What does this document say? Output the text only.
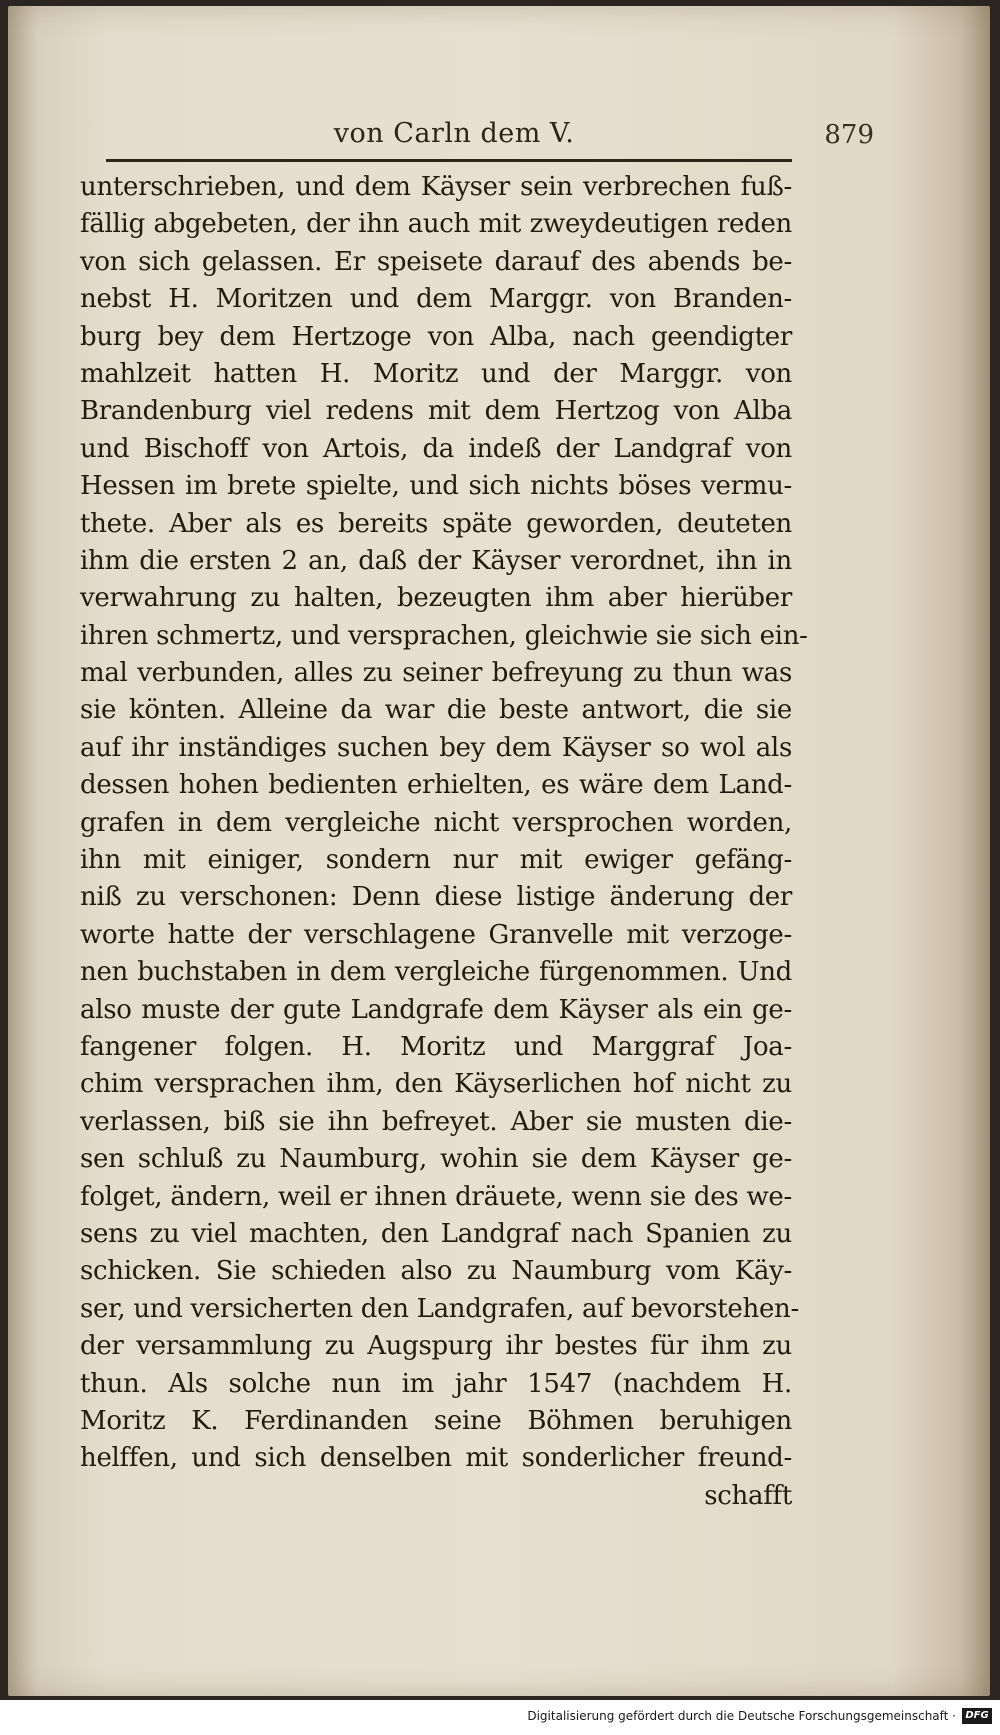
von Carln dem V.	879
unterschrieben, und dem Käyser sein verbrechen fuß-
fällig abgebeten, der ihn auch mit zweydeutigen reden
von sich gelassen. Er speisete darauf des abends be-
nebst H. Moritzen und dem Marggr. von Branden-
burg bey dem Hertzoge von Alba, nach geendigter
mahlzeit hatten H. Moritz und der Marggr. von
Brandenburg viel redens mit dem Hertzog von Alba
und Bischoff von Artois, da indeß der Landgraf von
Hessen im brete spielte, und sich nichts böses vermu-
thete. Aber als es bereits späte geworden, deuteten
ihm die ersten 2 an, daß der Käyser verordnet, ihn in
verwahrung zu halten, bezeugten ihm aber hierüber
ihren schmertz, und versprachen, gleichwie sie sich ein-
mal verbunden, alles zu seiner befreyung zu thun was
sie könten. Alleine da war die beste antwort, die sie
auf ihr inständiges suchen bey dem Käyser so wol als
dessen hohen bedienten erhielten, es wäre dem Land-
grafen in dem vergleiche nicht versprochen worden,
ihn mit einiger, sondern nur mit ewiger gefäng-
niß zu verschonen: Denn diese listige änderung der
worte hatte der verschlagene Granvelle mit verzoge-
nen buchstaben in dem vergleiche fürgenommen. Und
also muste der gute Landgrafe dem Käyser als ein ge-
fangener folgen. H. Moritz und Marggraf Joa-
chim versprachen ihm, den Käyserlichen hof nicht zu
verlassen, biß sie ihn befreyet. Aber sie musten die-
sen schluß zu Naumburg, wohin sie dem Käyser ge-
folget, ändern, weil er ihnen dräuete, wenn sie des we-
sens zu viel machten, den Landgraf nach Spanien zu
schicken. Sie schieden also zu Naumburg vom Käy-
ser, und versicherten den Landgrafen, auf bevorstehen-
der versammlung zu Augspurg ihr bestes für ihm zu
thun. Als solche nun im jahr 1547 (nachdem H.
Moritz K. Ferdinanden seine Böhmen beruhigen
helffen, und sich denselben mit sonderlicher freund-
schafft
Digitalisierung gefördert durch die Deutsche Forschungsgemeinschaft · DFG
